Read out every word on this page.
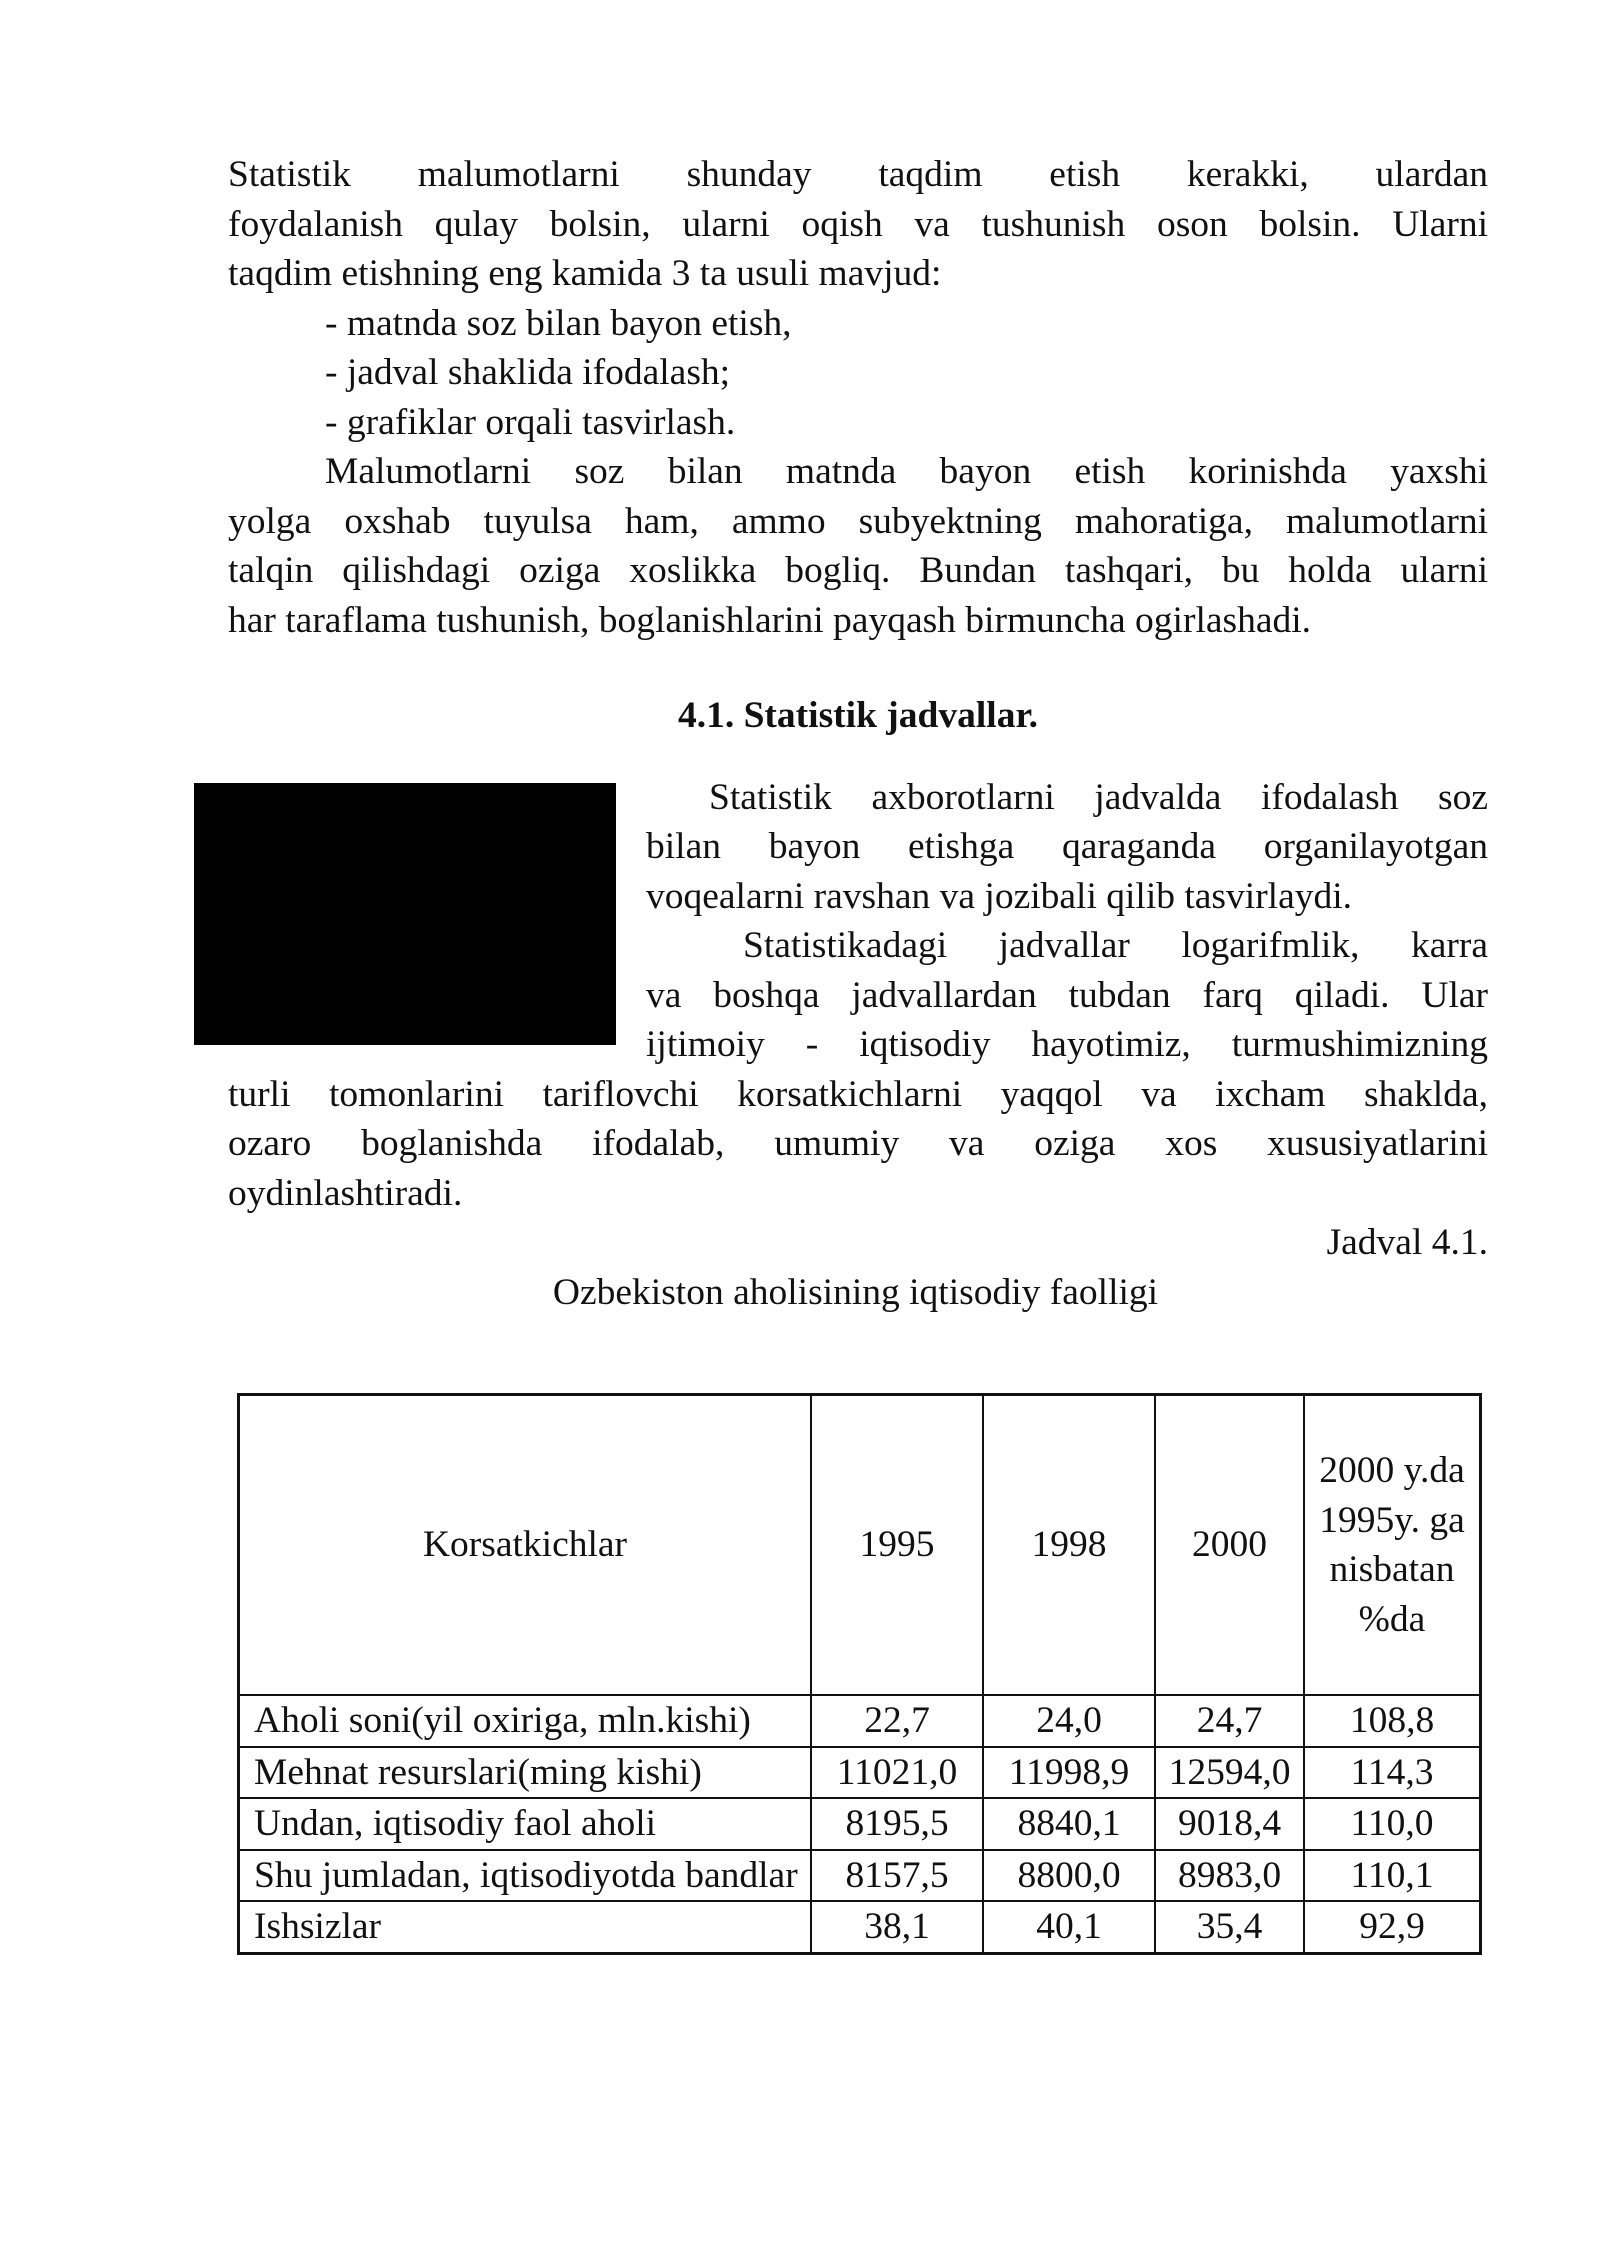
Statistik malumotlarni shunday taqdim etish kerakki, ulardan

foydalanish qulay bolsin, ularni oqish va tushunish oson bolsin. Ularni

taqdim etishning eng kamida 3 ta usuli mavjud:

- matnda soz bilan bayon etish,

- jadval shaklida ifodalash;

- grafiklar orqali tasvirlash.

Malumotlarni soz bilan matnda bayon etish korinishda yaxshi

yolga oxshab tuyulsa ham, ammo subyektning mahoratiga, malumotlarni

talqin qilishdagi oziga xoslikka bogliq. Bundan tashqari, bu holda ularni

har taraflama tushunish, boglanishlarini payqash birmuncha ogirlashadi.

4.1. Statistik jadvallar.

Statistik axborotlarni jadvalda ifodalash soz

bilan bayon etishga qaraganda organilayotgan

voqealarni ravshan va jozibali qilib tasvirlaydi.

Statistikadagi jadvallar logarifmlik, karra

va boshqa jadvallardan tubdan farq qiladi. Ular

ijtimoiy - iqtisodiy hayotimiz, turmushimizning

turli tomonlarini tariflovchi korsatkichlarni yaqqol va ixcham shaklda,

ozaro boglanishda ifodalab, umumiy va oziga xos xususiyatlarini

oydinlashtiradi.

Jadval 4.1.

Ozbekiston aholisining iqtisodiy faolligi

Korsatkichlar	1995	1998	2000	2000 y.da 1995y. ga nisbatan %da
Aholi soni(yil oxiriga, mln.kishi)	22,7	24,0	24,7	108,8
Mehnat resurslari(ming kishi)	11021,0	11998,9	12594,0	114,3
Undan, iqtisodiy faol aholi	8195,5	8840,1	9018,4	110,0
Shu jumladan, iqtisodiyotda bandlar	8157,5	8800,0	8983,0	110,1
Ishsizlar	38,1	40,1	35,4	92,9
